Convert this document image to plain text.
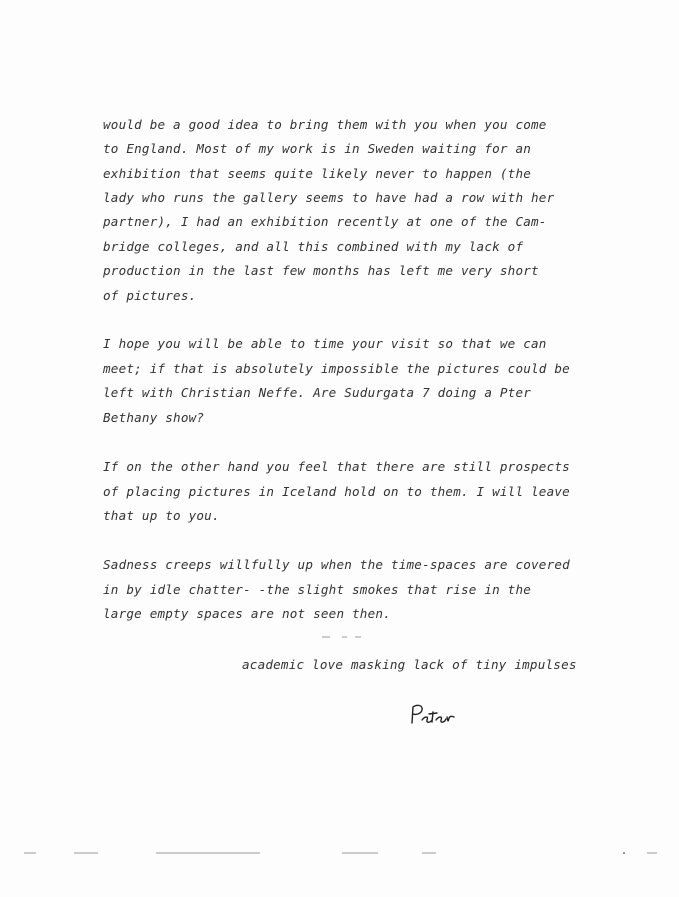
would be a good idea to bring them with you when you come
to England. Most of my work is in Sweden waiting for an
exhibition that seems quite likely never to happen (the
lady who runs the gallery seems to have had a row with her
partner), I had an exhibition recently at one of the Cam-
bridge colleges, and all this combined with my lack of
production in the last few months has left me very short
of pictures.
I hope you will be able to time your visit so that we can
meet; if that is absolutely impossible the pictures could be
left with Christian Neffe. Are Sudurgata 7 doing a Pter
Bethany show?
If on the other hand you feel that there are still prospects
of placing pictures in Iceland hold on to them. I will leave
that up to you.
Sadness creeps willfully up when the time-spaces are covered
in by idle chatter- -the slight smokes that rise in the
large empty spaces are not seen then.
academic love masking lack of tiny impulses
